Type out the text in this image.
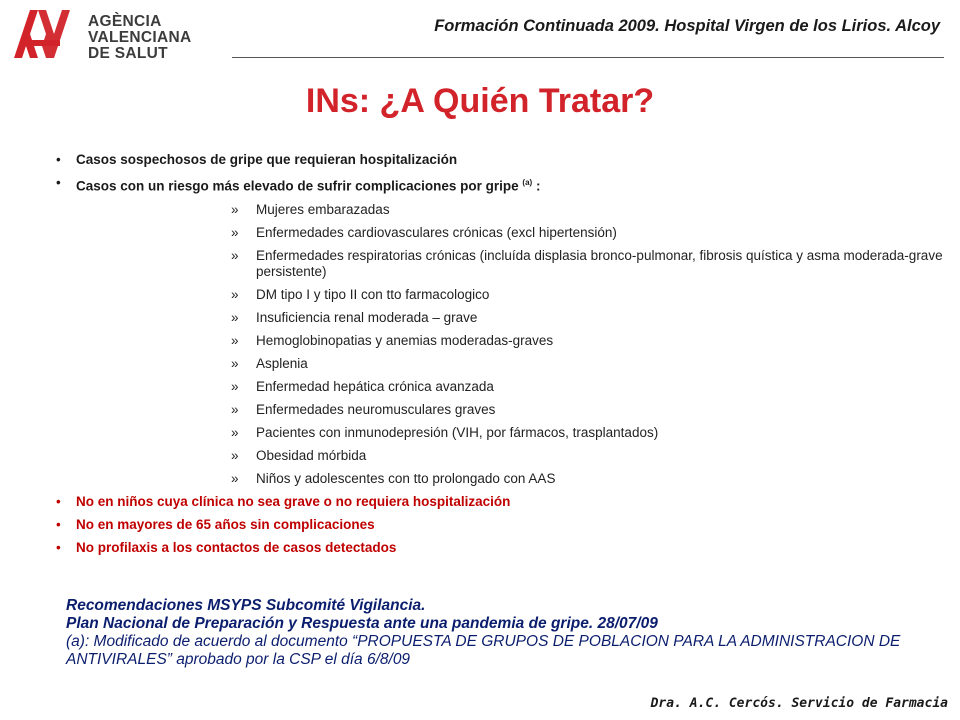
AGÈNCIA
VALENCIANA
DE SALUT
Formación Continuada 2009. Hospital Virgen de los Lirios. Alcoy
INs: ¿A Quién Tratar?
• Casos sospechosos de gripe que requieran hospitalización
• Casos con un riesgo más elevado de sufrir complicaciones por gripe $^{(a)}$ :
» Mujeres embarazadas
» Enfermedades cardiovasculares crónicas (excl hipertensión)
» Enfermedades respiratorias crónicas (incluída displasia bronco-pulmonar, fibrosis quística y asma moderada-grave persistente)
» DM tipo I y tipo II con tto farmacologico
» Insuficiencia renal moderada – grave
» Hemoglobinopatias y anemias moderadas-graves
» Asplenia
» Enfermedad hepática crónica avanzada
» Enfermedades neuromusculares graves
» Pacientes con inmunodepresión (VIH, por fármacos, trasplantados)
» Obesidad mórbida
» Niños y adolescentes con tto prolongado con AAS
• No en niños cuya clínica no sea grave o no requiera hospitalización
• No en mayores de 65 años sin complicaciones
• No profilaxis a los contactos de casos detectados
Recomendaciones MSYPS Subcomité Vigilancia.
Plan Nacional de Preparación y Respuesta ante una pandemia de gripe. 28/07/09
(a): Modificado de acuerdo al documento “PROPUESTA DE GRUPOS DE POBLACION PARA LA ADMINISTRACION DE ANTIVIRALES” aprobado por la CSP el día 6/8/09
Dra. A.C. Cercós. Servicio de Farmacia
